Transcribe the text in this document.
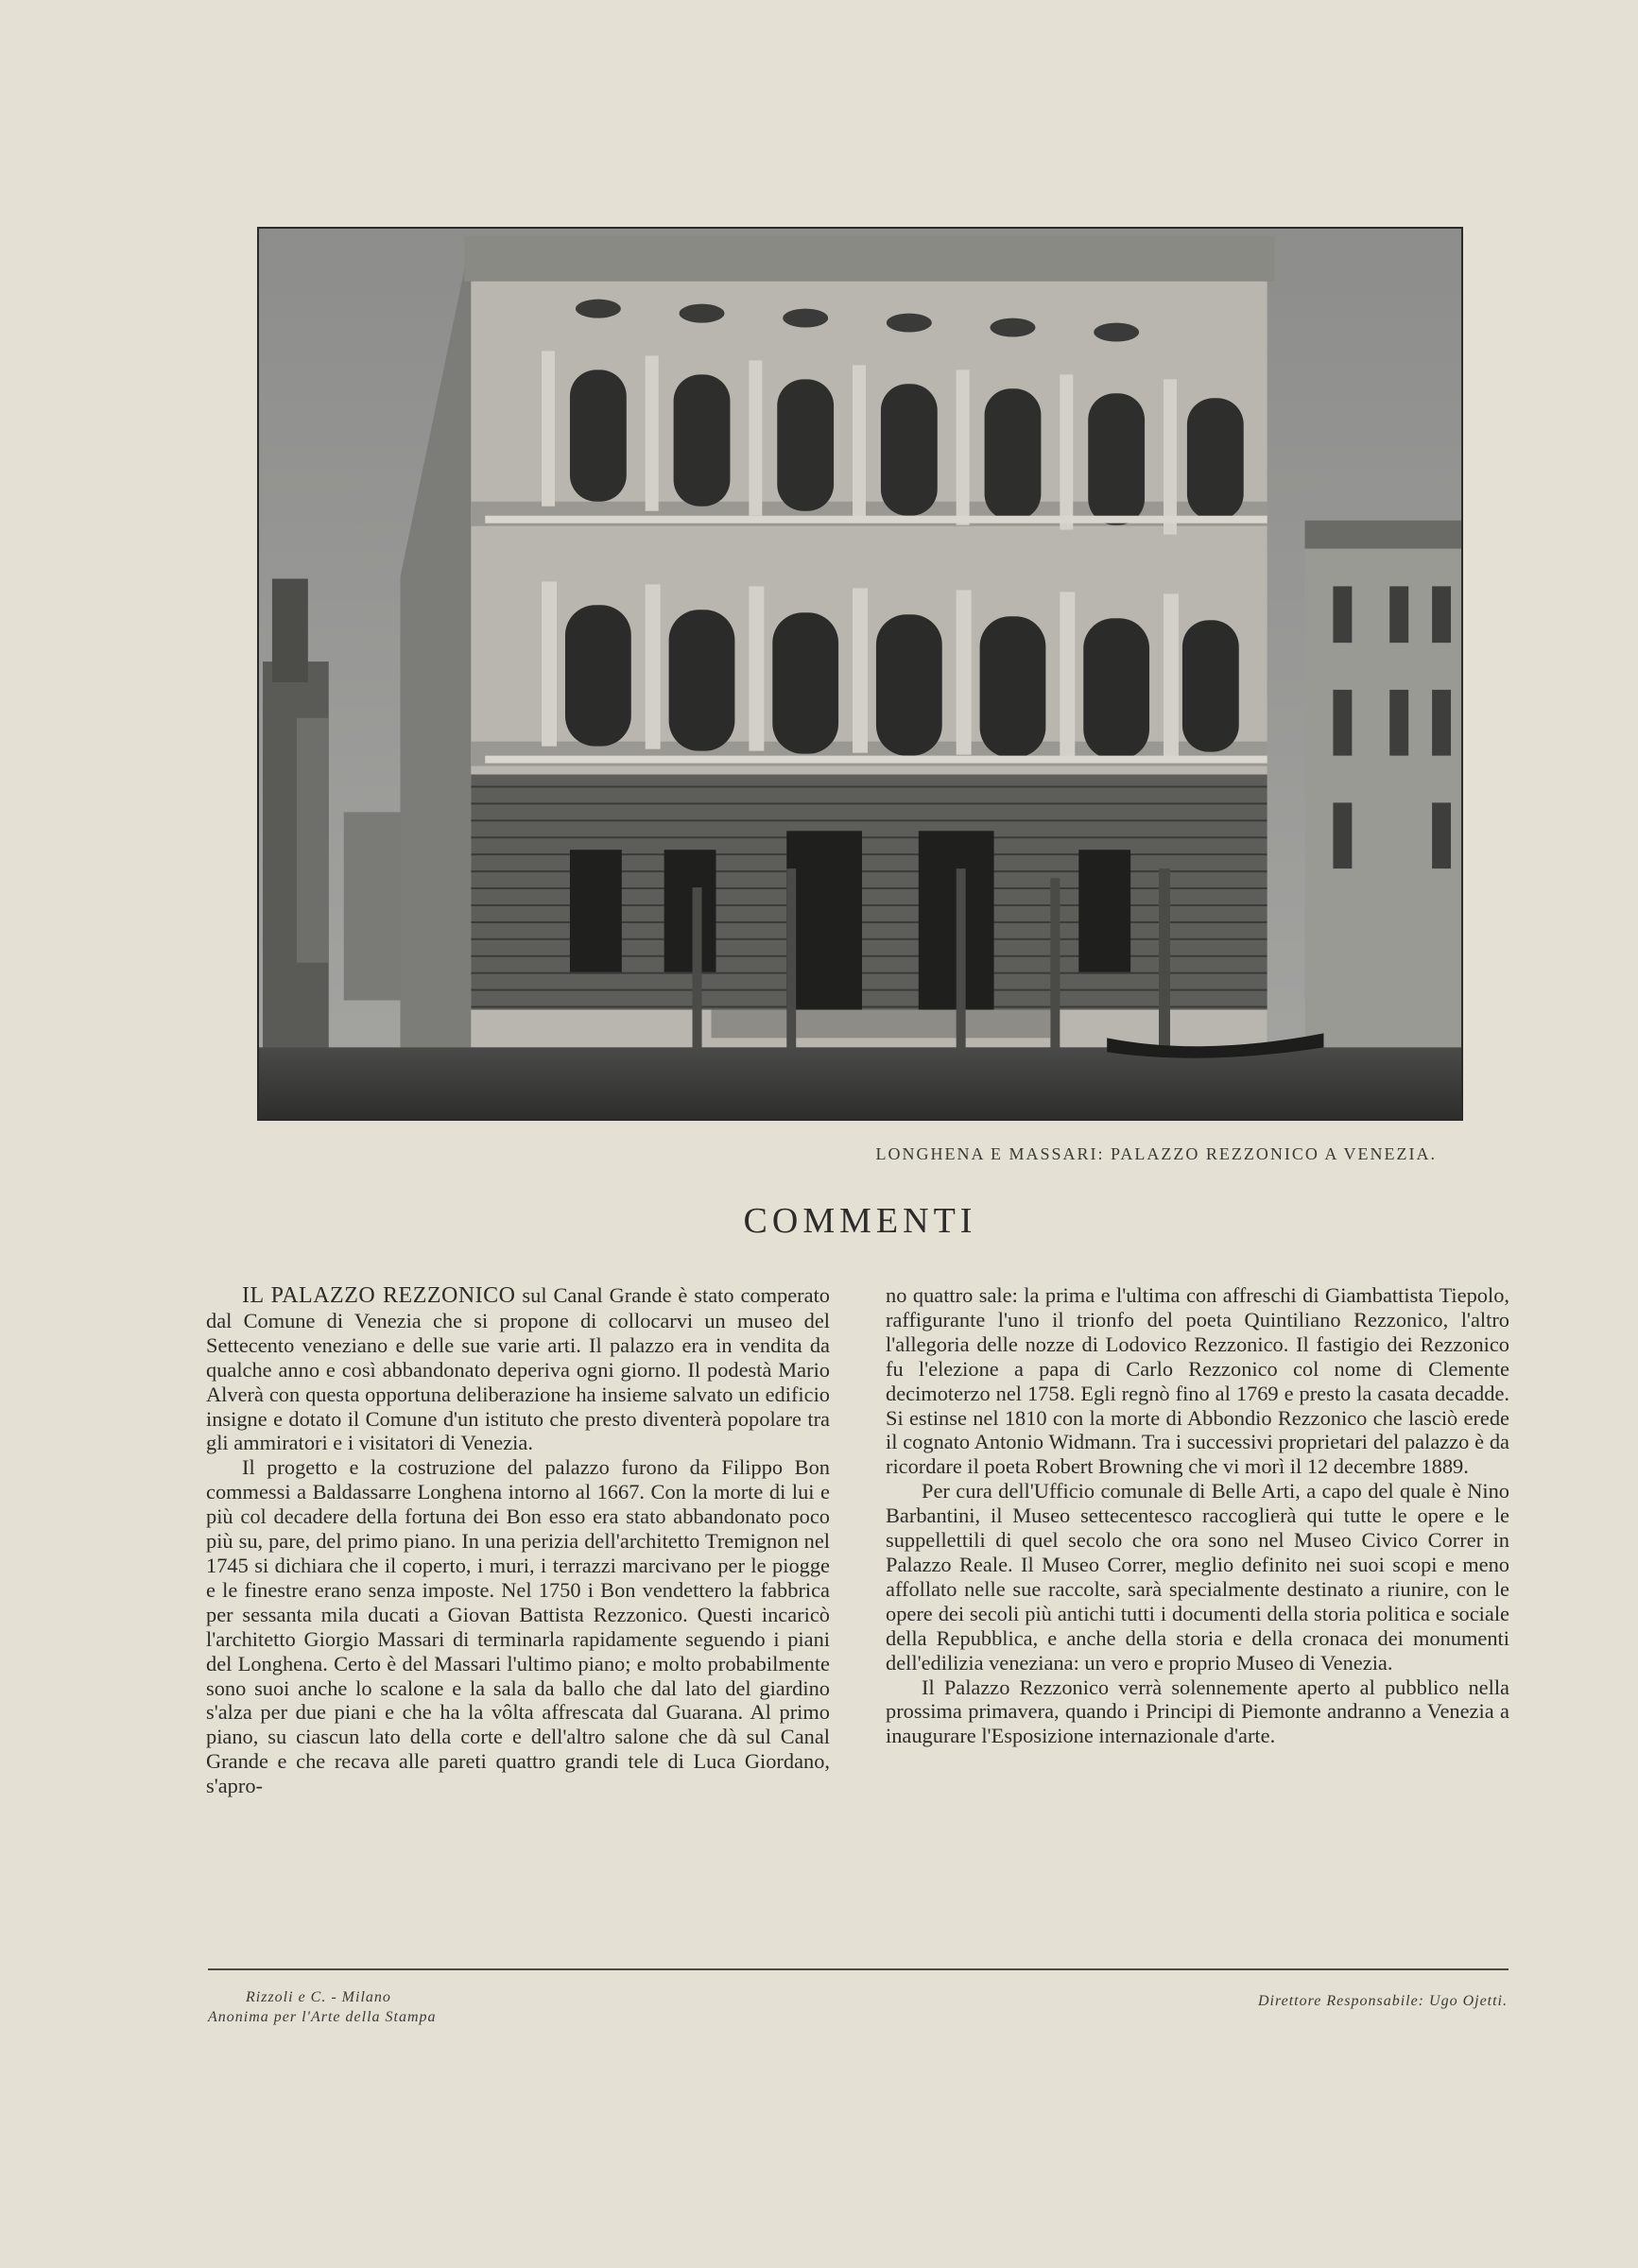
LONGHENA E MASSARI: PALAZZO REZZONICO A VENEZIA.
COMMENTI

IL PALAZZO REZZONICO sul Canal Grande è stato comperato dal Comune di Venezia che si propone di collocarvi un museo del Settecento veneziano e delle sue varie arti. Il palazzo era in vendita da qualche anno e così abbandonato deperiva ogni giorno. Il podestà Mario Alverà con questa opportuna deliberazione ha insieme salvato un edificio insigne e dotato il Comune d'un istituto che presto diventerà popolare tra gli ammiratori e i visitatori di Venezia.

Il progetto e la costruzione del palazzo furono da Filippo Bon commessi a Baldassarre Longhena intorno al 1667. Con la morte di lui e più col decadere della fortuna dei Bon esso era stato abbandonato poco più su, pare, del primo piano. In una perizia dell'architetto Tremignon nel 1745 si dichiara che il coperto, i muri, i terrazzi marcivano per le piogge e le finestre erano senza imposte. Nel 1750 i Bon vendettero la fabbrica per sessanta mila ducati a Giovan Battista Rezzonico. Questi incaricò l'architetto Giorgio Massari di terminarla rapidamente seguendo i piani del Longhena. Certo è del Massari l'ultimo piano; e molto probabilmente sono suoi anche lo scalone e la sala da ballo che dal lato del giardino s'alza per due piani e che ha la vôlta affrescata dal Guarana. Al primo piano, su ciascun lato della corte e dell'altro salone che dà sul Canal Grande e che recava alle pareti quattro grandi tele di Luca Giordano, s'apro-

no quattro sale: la prima e l'ultima con affreschi di Giambattista Tiepolo, raffigurante l'uno il trionfo del poeta Quintiliano Rezzonico, l'altro l'allegoria delle nozze di Lodovico Rezzonico. Il fastigio dei Rezzonico fu l'elezione a papa di Carlo Rezzonico col nome di Clemente decimoterzo nel 1758. Egli regnò fino al 1769 e presto la casata decadde. Si estinse nel 1810 con la morte di Abbondio Rezzonico che lasciò erede il cognato Antonio Widmann. Tra i successivi proprietari del palazzo è da ricordare il poeta Robert Browning che vi morì il 12 decembre 1889.

Per cura dell'Ufficio comunale di Belle Arti, a capo del quale è Nino Barbantini, il Museo settecentesco raccoglierà qui tutte le opere e le suppellettili di quel secolo che ora sono nel Museo Civico Correr in Palazzo Reale. Il Museo Correr, meglio definito nei suoi scopi e meno affollato nelle sue raccolte, sarà specialmente destinato a riunire, con le opere dei secoli più antichi tutti i documenti della storia politica e sociale della Repubblica, e anche della storia e della cronaca dei monumenti dell'edilizia veneziana: un vero e proprio Museo di Venezia.

Il Palazzo Rezzonico verrà solennemente aperto al pubblico nella prossima primavera, quando i Principi di Piemonte andranno a Venezia a inaugurare l'Esposizione internazionale d'arte.

Rizzoli e C. - Milano
Anonima per l'Arte della Stampa
Direttore Responsabile: Ugo Ojetti.
